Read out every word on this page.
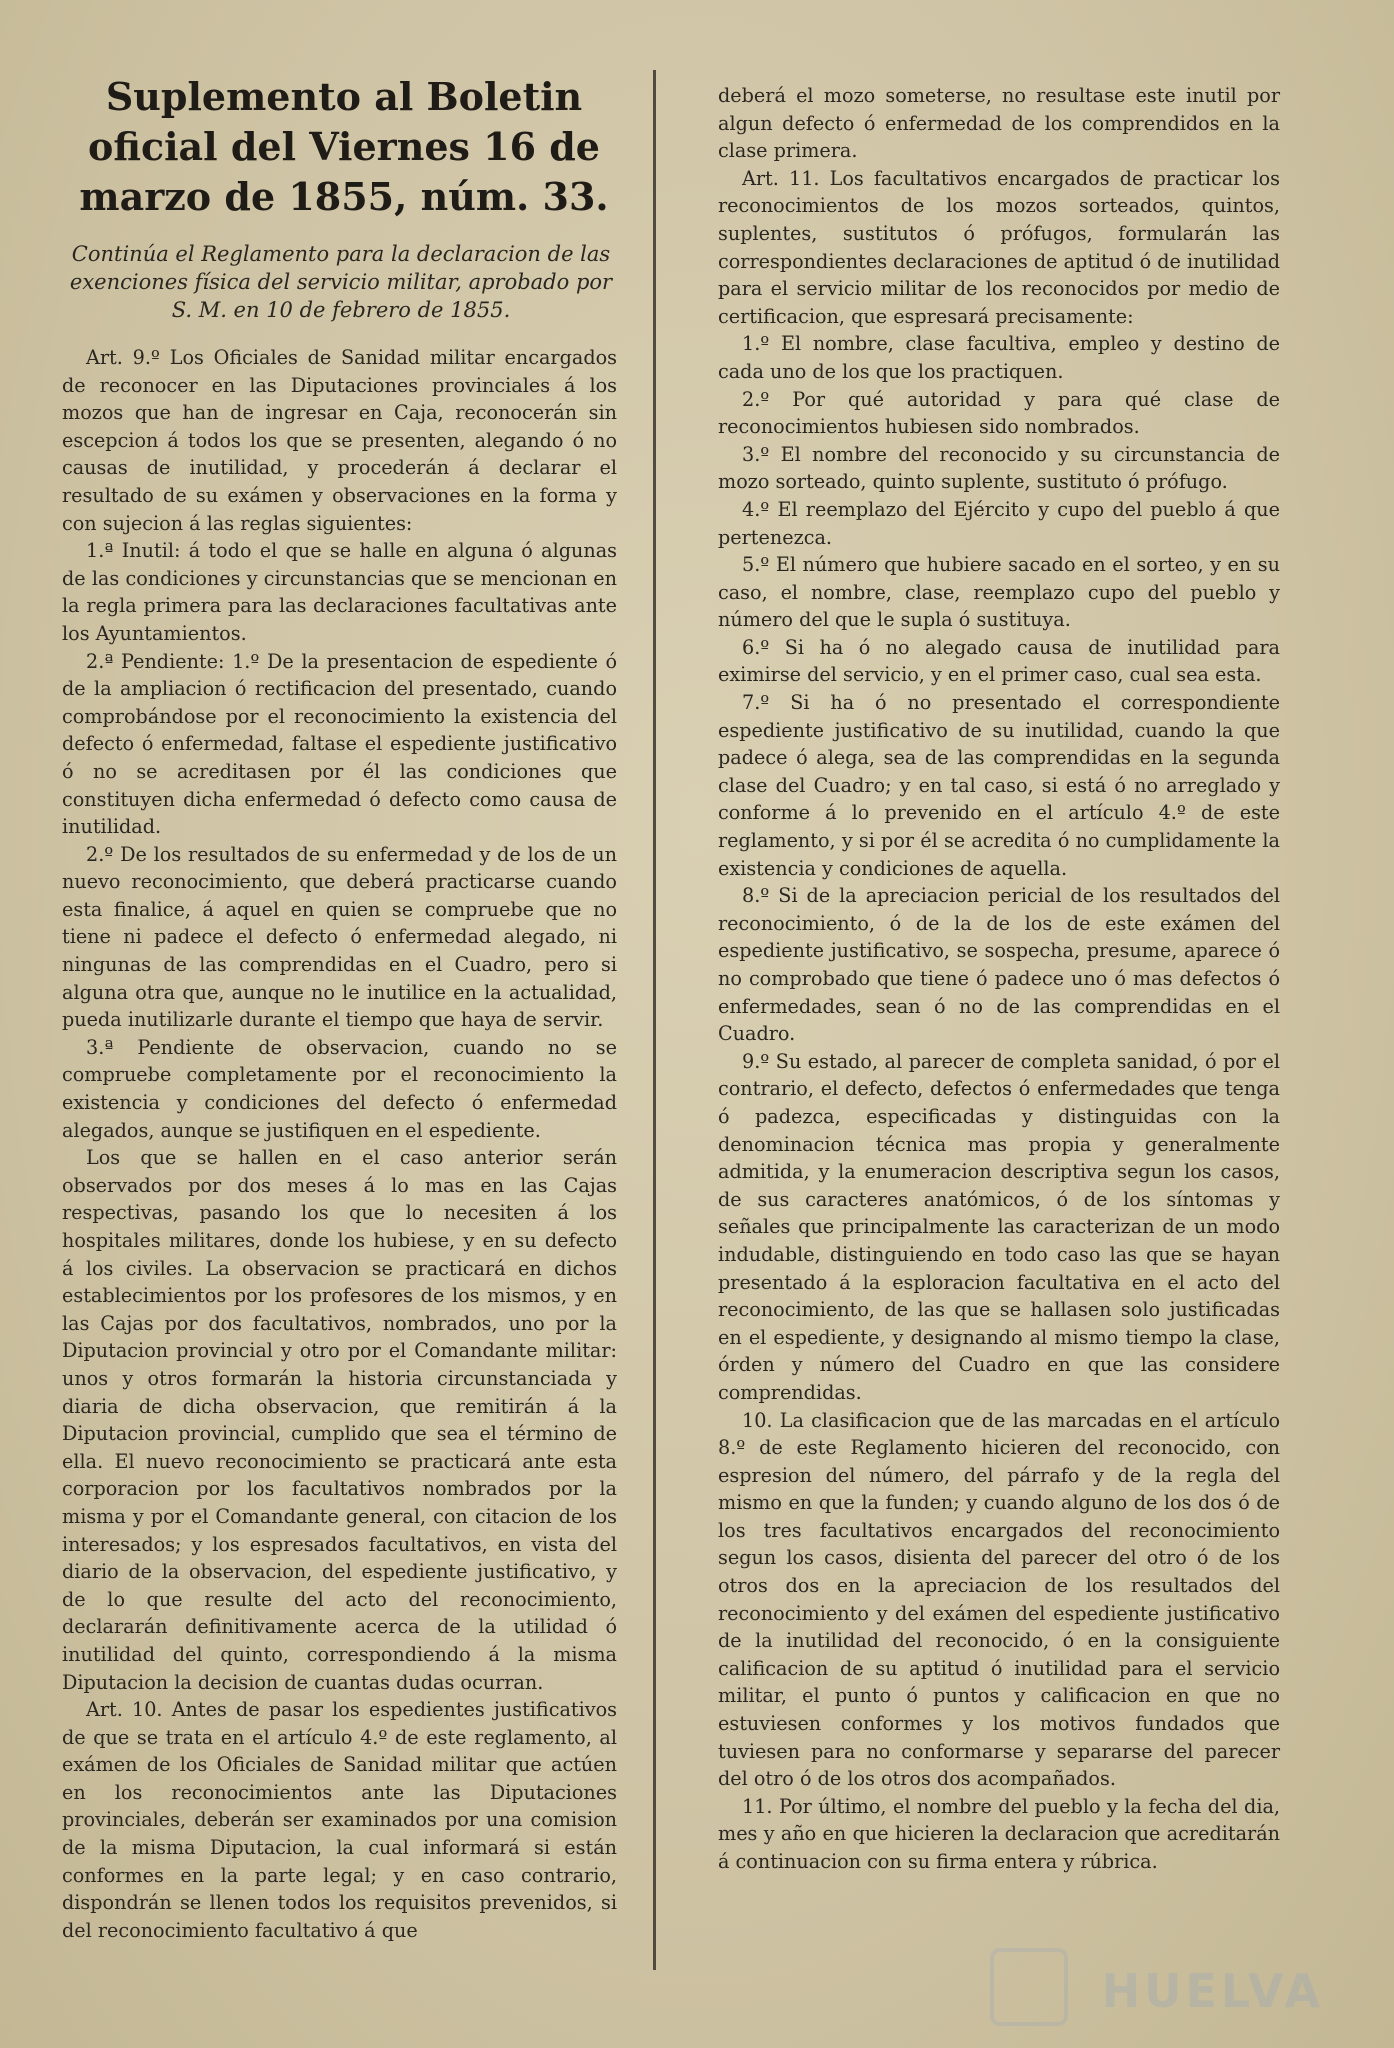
Suplemento al Boletin oficial del Viernes 16 de marzo de 1855, núm. 33.

Continúa el Reglamento para la declaracion de las exenciones física del servicio militar, aprobado por S. M. en 10 de febrero de 1855.

Art. 9.º Los Oficiales de Sanidad militar encargados de reconocer en las Diputaciones provinciales á los mozos que han de ingresar en Caja, reconocerán sin escepcion á todos los que se presenten, alegando ó no causas de inutilidad, y procederán á declarar el resultado de su exámen y observaciones en la forma y con sujecion á las reglas siguientes:

1.ª Inutil: á todo el que se halle en alguna ó algunas de las condiciones y circunstancias que se mencionan en la regla primera para las declaraciones facultativas ante los Ayuntamientos.

2.ª Pendiente: 1.º De la presentacion de espediente ó de la ampliacion ó rectificacion del presentado, cuando comprobándose por el reconocimiento la existencia del defecto ó enfermedad, faltase el espediente justificativo ó no se acreditasen por él las condiciones que constituyen dicha enfermedad ó defecto como causa de inutilidad.

2.º De los resultados de su enfermedad y de los de un nuevo reconocimiento, que deberá practicarse cuando esta finalice, á aquel en quien se compruebe que no tiene ni padece el defecto ó enfermedad alegado, ni ningunas de las comprendidas en el Cuadro, pero si alguna otra que, aunque no le inutilice en la actualidad, pueda inutilizarle durante el tiempo que haya de servir.

3.ª Pendiente de observacion, cuando no se compruebe completamente por el reconocimiento la existencia y condiciones del defecto ó enfermedad alegados, aunque se justifiquen en el espediente.

Los que se hallen en el caso anterior serán observados por dos meses á lo mas en las Cajas respectivas, pasando los que lo necesiten á los hospitales militares, donde los hubiese, y en su defecto á los civiles. La observacion se practicará en dichos establecimientos por los profesores de los mismos, y en las Cajas por dos facultativos, nombrados, uno por la Diputacion provincial y otro por el Comandante militar: unos y otros formarán la historia circunstanciada y diaria de dicha observacion, que remitirán á la Diputacion provincial, cumplido que sea el término de ella. El nuevo reconocimiento se practicará ante esta corporacion por los facultativos nombrados por la misma y por el Comandante general, con citacion de los interesados; y los espresados facultativos, en vista del diario de la observacion, del espediente justificativo, y de lo que resulte del acto del reconocimiento, declararán definitivamente acerca de la utilidad ó inutilidad del quinto, correspondiendo á la misma Diputacion la decision de cuantas dudas ocurran.

Art. 10. Antes de pasar los espedientes justificativos de que se trata en el artículo 4.º de este reglamento, al exámen de los Oficiales de Sanidad militar que actúen en los reconocimientos ante las Diputaciones provinciales, deberán ser examinados por una comision de la misma Diputacion, la cual informará si están conformes en la parte legal; y en caso contrario, dispondrán se llenen todos los requisitos prevenidos, si del reconocimiento facultativo á que

deberá el mozo someterse, no resultase este inutil por algun defecto ó enfermedad de los comprendidos en la clase primera.

Art. 11. Los facultativos encargados de practicar los reconocimientos de los mozos sorteados, quintos, suplentes, sustitutos ó prófugos, formularán las correspondientes declaraciones de aptitud ó de inutilidad para el servicio militar de los reconocidos por medio de certificacion, que espresará precisamente:

1.º El nombre, clase facultiva, empleo y destino de cada uno de los que los practiquen.

2.º Por qué autoridad y para qué clase de reconocimientos hubiesen sido nombrados.

3.º El nombre del reconocido y su circunstancia de mozo sorteado, quinto suplente, sustituto ó prófugo.

4.º El reemplazo del Ejército y cupo del pueblo á que pertenezca.

5.º El número que hubiere sacado en el sorteo, y en su caso, el nombre, clase, reemplazo cupo del pueblo y número del que le supla ó sustituya.

6.º Si ha ó no alegado causa de inutilidad para eximirse del servicio, y en el primer caso, cual sea esta.

7.º Si ha ó no presentado el correspondiente espediente justificativo de su inutilidad, cuando la que padece ó alega, sea de las comprendidas en la segunda clase del Cuadro; y en tal caso, si está ó no arreglado y conforme á lo prevenido en el artículo 4.º de este reglamento, y si por él se acredita ó no cumplidamente la existencia y condiciones de aquella.

8.º Si de la apreciacion pericial de los resultados del reconocimiento, ó de la de los de este exámen del espediente justificativo, se sospecha, presume, aparece ó no comprobado que tiene ó padece uno ó mas defectos ó enfermedades, sean ó no de las comprendidas en el Cuadro.

9.º Su estado, al parecer de completa sanidad, ó por el contrario, el defecto, defectos ó enfermedades que tenga ó padezca, especificadas y distinguidas con la denominacion técnica mas propia y generalmente admitida, y la enumeracion descriptiva segun los casos, de sus caracteres anatómicos, ó de los síntomas y señales que principalmente las caracterizan de un modo indudable, distinguiendo en todo caso las que se hayan presentado á la esploracion facultativa en el acto del reconocimiento, de las que se hallasen solo justificadas en el espediente, y designando al mismo tiempo la clase, órden y número del Cuadro en que las considere comprendidas.

10. La clasificacion que de las marcadas en el artículo 8.º de este Reglamento hicieren del reconocido, con espresion del número, del párrafo y de la regla del mismo en que la funden; y cuando alguno de los dos ó de los tres facultativos encargados del reconocimiento segun los casos, disienta del parecer del otro ó de los otros dos en la apreciacion de los resultados del reconocimiento y del exámen del espediente justificativo de la inutilidad del reconocido, ó en la consiguiente calificacion de su aptitud ó inutilidad para el servicio militar, el punto ó puntos y calificacion en que no estuviesen conformes y los motivos fundados que tuviesen para no conformarse y separarse del parecer del otro ó de los otros dos acompañados.

11. Por último, el nombre del pueblo y la fecha del dia, mes y año en que hicieren la declaracion que acreditarán á continuacion con su firma entera y rúbrica.

HUELVA
